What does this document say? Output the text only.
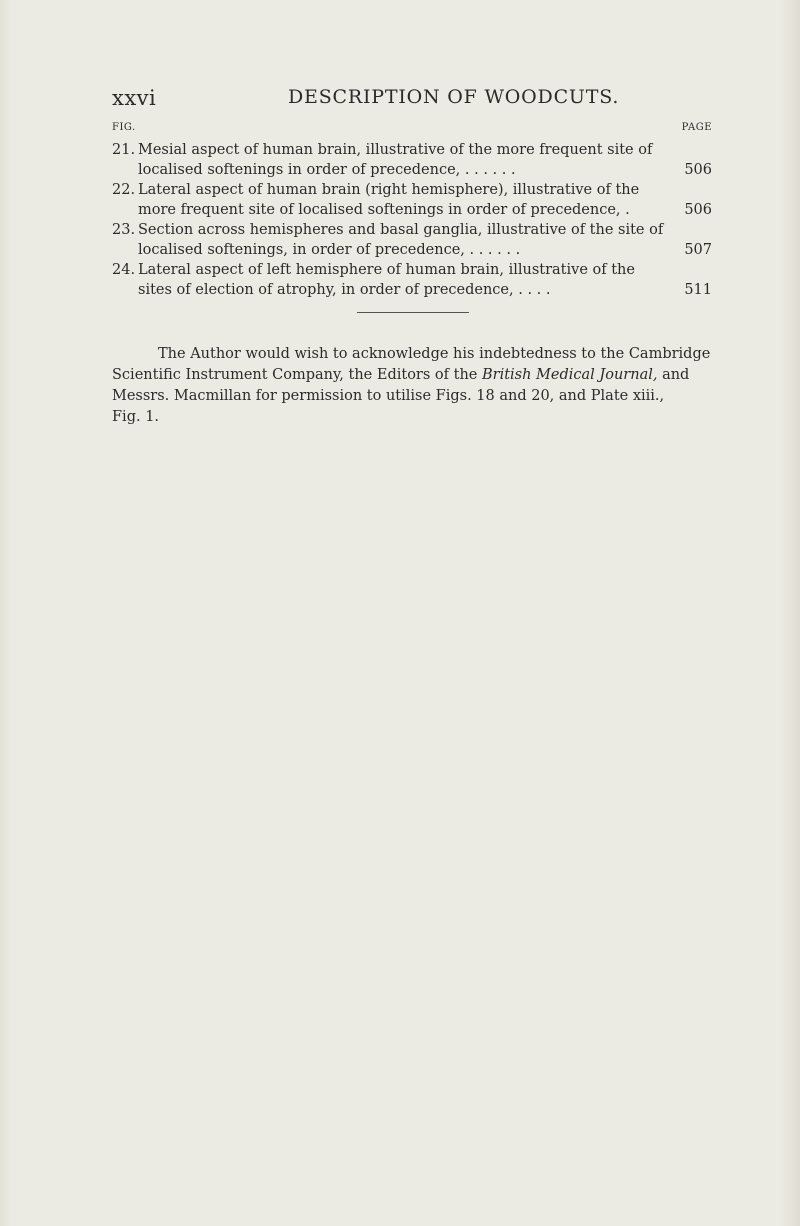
xxvi	DESCRIPTION OF WOODCUTS.
FIG.	PAGE
21. Mesial aspect of human brain, illustrative of the more frequent site of
localised softenings in order of precedence, . . . . . .	506
22. Lateral aspect of human brain (right hemisphere), illustrative of the
more frequent site of localised softenings in order of precedence, .	506
23. Section across hemispheres and basal ganglia, illustrative of the site of
localised softenings, in order of precedence, . . . . . .	507
24. Lateral aspect of left hemisphere of human brain, illustrative of the
sites of election of atrophy, in order of precedence, . . . .	511
The Author would wish to acknowledge his indebtedness to the Cambridge
Scientific Instrument Company, the Editors of the British Medical Journal, and
Messrs. Macmillan for permission to utilise Figs. 18 and 20, and Plate xiii.,
Fig. 1.
